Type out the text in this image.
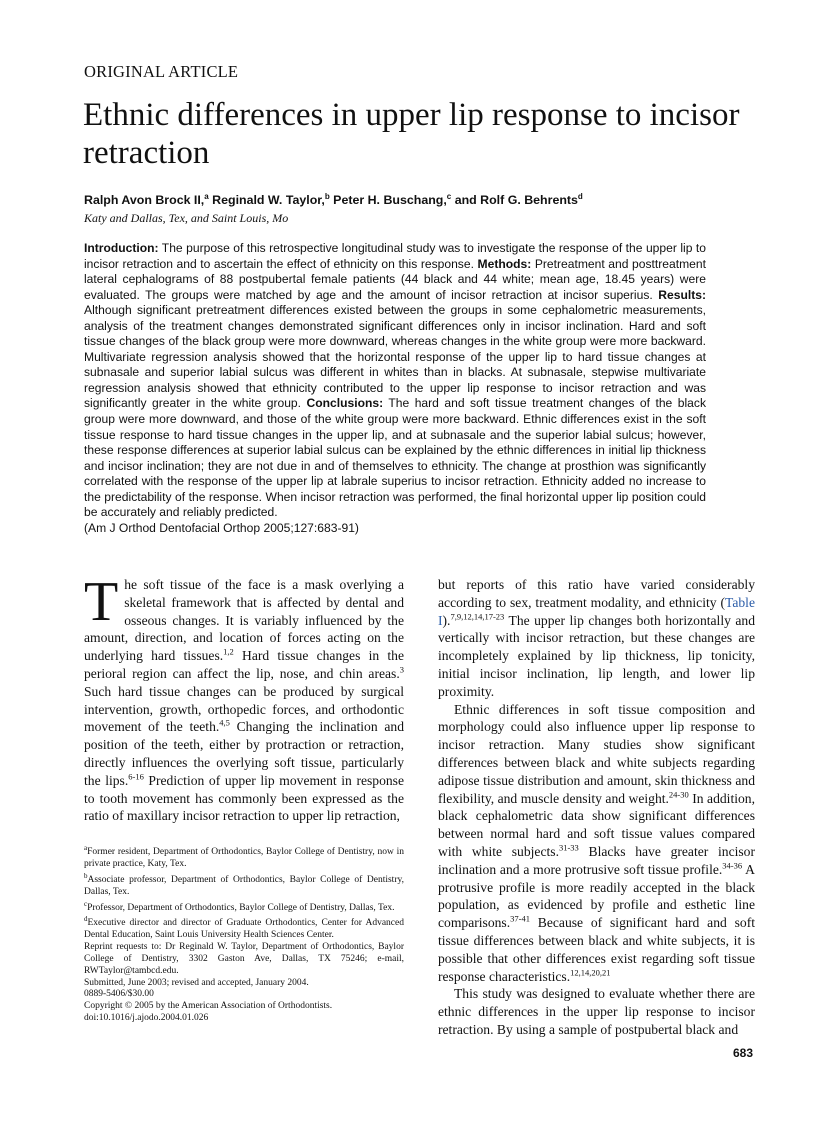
ORIGINAL ARTICLE
Ethnic differences in upper lip response to incisor retraction
Ralph Avon Brock II,$^a$ Reginald W. Taylor,$^b$ Peter H. Buschang,$^c$ and Rolf G. Behrents$^d$
Katy and Dallas, Tex, and Saint Louis, Mo
Introduction: The purpose of this retrospective longitudinal study was to investigate the response of the upper lip to incisor retraction and to ascertain the effect of ethnicity on this response. Methods: Pretreatment and posttreatment lateral cephalograms of 88 postpubertal female patients (44 black and 44 white; mean age, 18.45 years) were evaluated. The groups were matched by age and the amount of incisor retraction at incisor superius. Results: Although significant pretreatment differences existed between the groups in some cephalometric measurements, analysis of the treatment changes demonstrated significant differences only in incisor inclination. Hard and soft tissue changes of the black group were more downward, whereas changes in the white group were more backward. Multivariate regression analysis showed that the horizontal response of the upper lip to hard tissue changes at subnasale and superior labial sulcus was different in whites than in blacks. At subnasale, stepwise multivariate regression analysis showed that ethnicity contributed to the upper lip response to incisor retraction and was significantly greater in the white group. Conclusions: The hard and soft tissue treatment changes of the black group were more downward, and those of the white group were more backward. Ethnic differences exist in the soft tissue response to hard tissue changes in the upper lip, and at subnasale and the superior labial sulcus; however, these response differences at superior labial sulcus can be explained by the ethnic differences in initial lip thickness and incisor inclination; they are not due in and of themselves to ethnicity. The change at prosthion was significantly correlated with the response of the upper lip at labrale superius to incisor retraction. Ethnicity added no increase to the predictability of the response. When incisor retraction was performed, the final horizontal upper lip position could be accurately and reliably predicted.
(Am J Orthod Dentofacial Orthop 2005;127:683-91)

The soft tissue of the face is a mask overlying a skeletal framework that is affected by dental and osseous changes. It is variably influenced by the amount, direction, and location of forces acting on the underlying hard tissues.$^{1,2}$ Hard tissue changes in the perioral region can affect the lip, nose, and chin areas.$^3$ Such hard tissue changes can be produced by surgical intervention, growth, orthopedic forces, and orthodontic movement of the teeth.$^{4,5}$ Changing the inclination and position of the teeth, either by protraction or retraction, directly influences the overlying soft tissue, particularly the lips.$^{6-16}$ Prediction of upper lip movement in response to tooth movement has commonly been expressed as the ratio of maxillary incisor retraction to upper lip retraction,

$^a$Former resident, Department of Orthodontics, Baylor College of Dentistry, now in private practice, Katy, Tex.
$^b$Associate professor, Department of Orthodontics, Baylor College of Dentistry, Dallas, Tex.
$^c$Professor, Department of Orthodontics, Baylor College of Dentistry, Dallas, Tex.
$^d$Executive director and director of Graduate Orthodontics, Center for Advanced Dental Education, Saint Louis University Health Sciences Center.
Reprint requests to: Dr Reginald W. Taylor, Department of Orthodontics, Baylor College of Dentistry, 3302 Gaston Ave, Dallas, TX 75246; e-mail, RWTaylor@tambcd.edu.
Submitted, June 2003; revised and accepted, January 2004.
0889-5406/$30.00
Copyright © 2005 by the American Association of Orthodontists.
doi:10.1016/j.ajodo.2004.01.026

but reports of this ratio have varied considerably according to sex, treatment modality, and ethnicity (Table I).$^{7,9,12,14,17-23}$ The upper lip changes both horizontally and vertically with incisor retraction, but these changes are incompletely explained by lip thickness, lip tonicity, initial incisor inclination, lip length, and lower lip proximity.

Ethnic differences in soft tissue composition and morphology could also influence upper lip response to incisor retraction. Many studies show significant differences between black and white subjects regarding adipose tissue distribution and amount, skin thickness and flexibility, and muscle density and weight.$^{24-30}$ In addition, black cephalometric data show significant differences between normal hard and soft tissue values compared with white subjects.$^{31-33}$ Blacks have greater incisor inclination and a more protrusive soft tissue profile.$^{34-36}$ A protrusive profile is more readily accepted in the black population, as evidenced by profile and esthetic line comparisons.$^{37-41}$ Because of significant hard and soft tissue differences between black and white subjects, it is possible that other differences exist regarding soft tissue response characteristics.$^{12,14,20,21}$

This study was designed to evaluate whether there are ethnic differences in the upper lip response to incisor retraction. By using a sample of postpubertal black and

683
